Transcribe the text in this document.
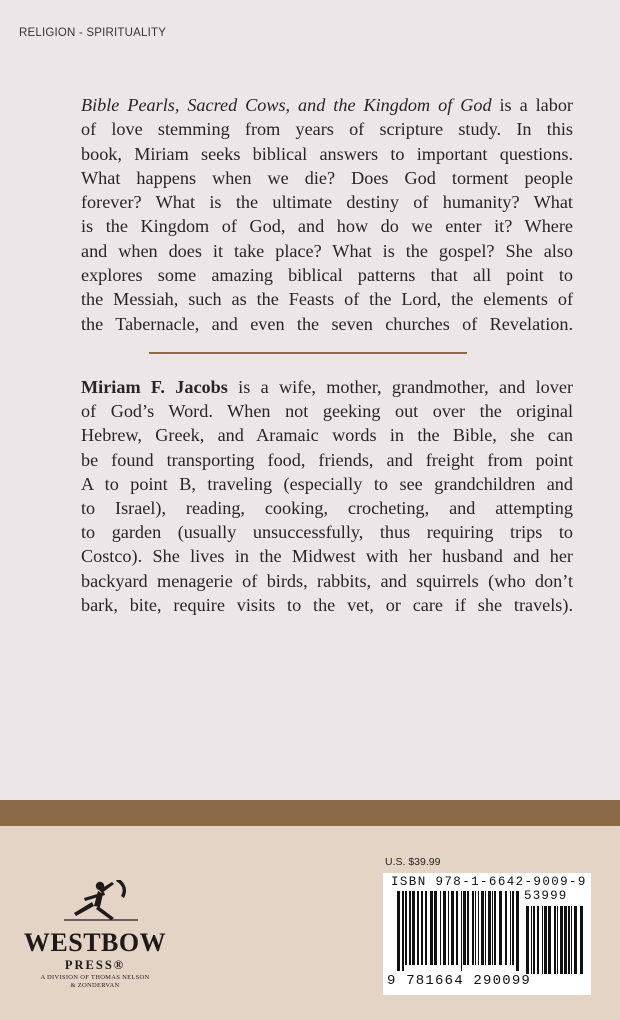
RELIGION - SPIRITUALITY
Bible Pearls, Sacred Cows, and the Kingdom of God is a labor
of love stemming from years of scripture study. In this
book, Miriam seeks biblical answers to important questions.
What happens when we die? Does God torment people
forever? What is the ultimate destiny of humanity? What
is the Kingdom of God, and how do we enter it? Where
and when does it take place? What is the gospel? She also
explores some amazing biblical patterns that all point to
the Messiah, such as the Feasts of the Lord, the elements of
the Tabernacle, and even the seven churches of Revelation.
Miriam F. Jacobs is a wife, mother, grandmother, and lover
of God’s Word. When not geeking out over the original
Hebrew, Greek, and Aramaic words in the Bible, she can
be found transporting food, friends, and freight from point
A to point B, traveling (especially to see grandchildren and
to Israel), reading, cooking, crocheting, and attempting
to garden (usually unsuccessfully, thus requiring trips to
Costco). She lives in the Midwest with her husband and her
backyard menagerie of birds, rabbits, and squirrels (who don’t
bark, bite, require visits to the vet, or care if she travels).
WESTBOW
PRESS®
A DIVISION OF THOMAS NELSON
& ZONDERVAN
U.S. $39.99
ISBN 978-1-6642-9009-9
53999
9 781664 290099
